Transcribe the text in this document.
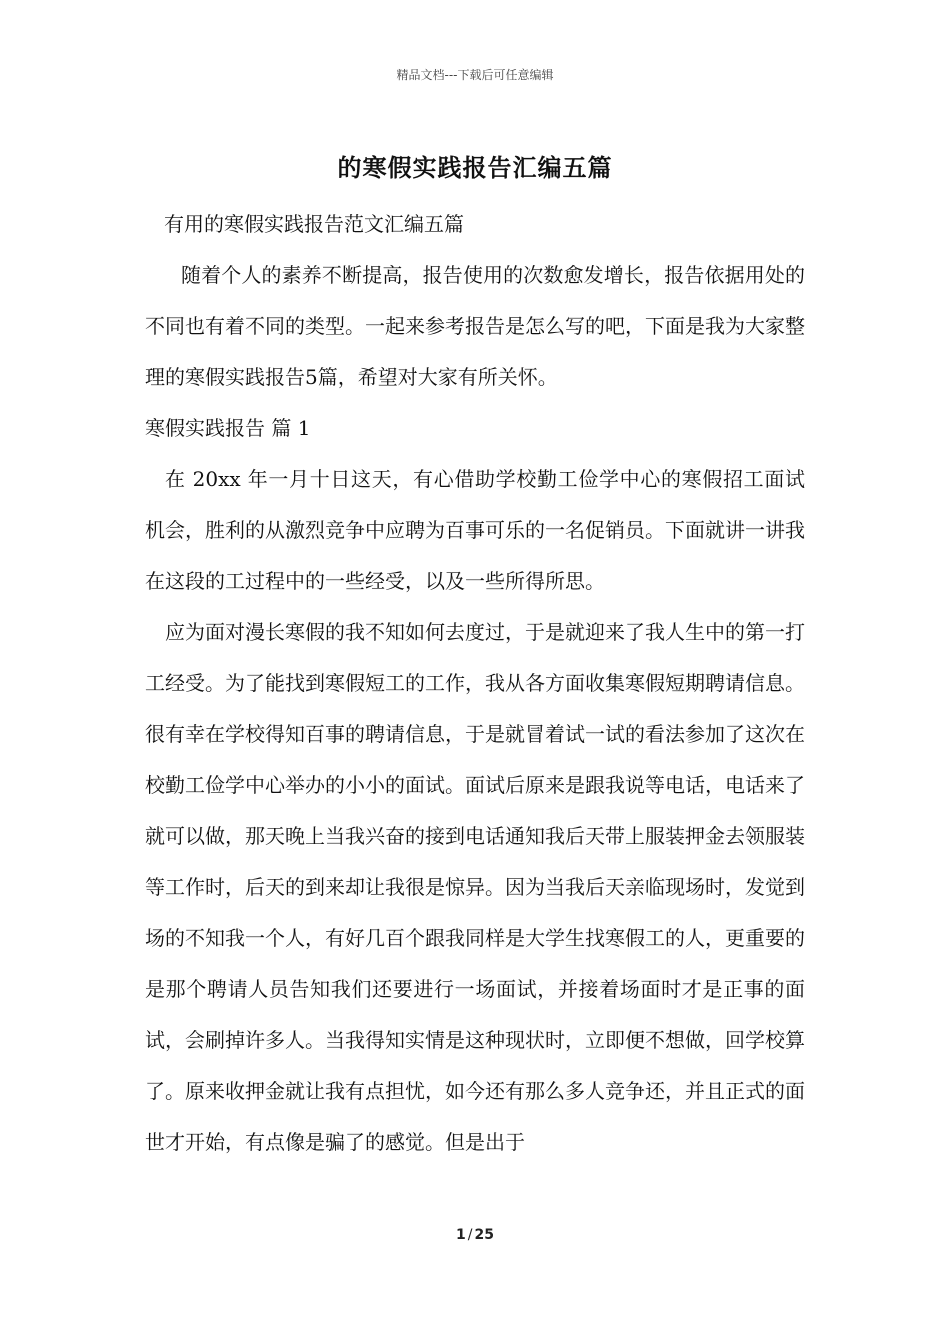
精品文档---下载后可任意编辑
的寒假实践报告汇编五篇
有用的寒假实践报告范文汇编五篇

随着个人的素养不断提高，报告使用的次数愈发增长，报告依据用处的不同也有着不同的类型。一起来参考报告是怎么写的吧，下面是我为大家整理的寒假实践报告5篇，希望对大家有所关怀。

寒假实践报告 篇 1

在 20xx 年一月十日这天，有心借助学校勤工俭学中心的寒假招工面试机会，胜利的从激烈竞争中应聘为百事可乐的一名促销员。下面就讲一讲我在这段的工过程中的一些经受，以及一些所得所思。

应为面对漫长寒假的我不知如何去度过，于是就迎来了我人生中的第一打工经受。为了能找到寒假短工的工作，我从各方面收集寒假短期聘请信息。很有幸在学校得知百事的聘请信息，于是就冒着试一试的看法参加了这次在校勤工俭学中心举办的小小的面试。面试后原来是跟我说等电话，电话来了就可以做，那天晚上当我兴奋的接到电话通知我后天带上服装押金去领服装等工作时，后天的到来却让我很是惊异。因为当我后天亲临现场时，发觉到场的不知我一个人，有好几百个跟我同样是大学生找寒假工的人，更重要的是那个聘请人员告知我们还要进行一场面试，并接着场面时才是正事的面试，会刷掉许多人。当我得知实情是这种现状时，立即便不想做，回学校算了。原来收押金就让我有点担忧，如今还有那么多人竞争还，并且正式的面世才开始，有点像是骗了的感觉。但是出于

1 / 25
